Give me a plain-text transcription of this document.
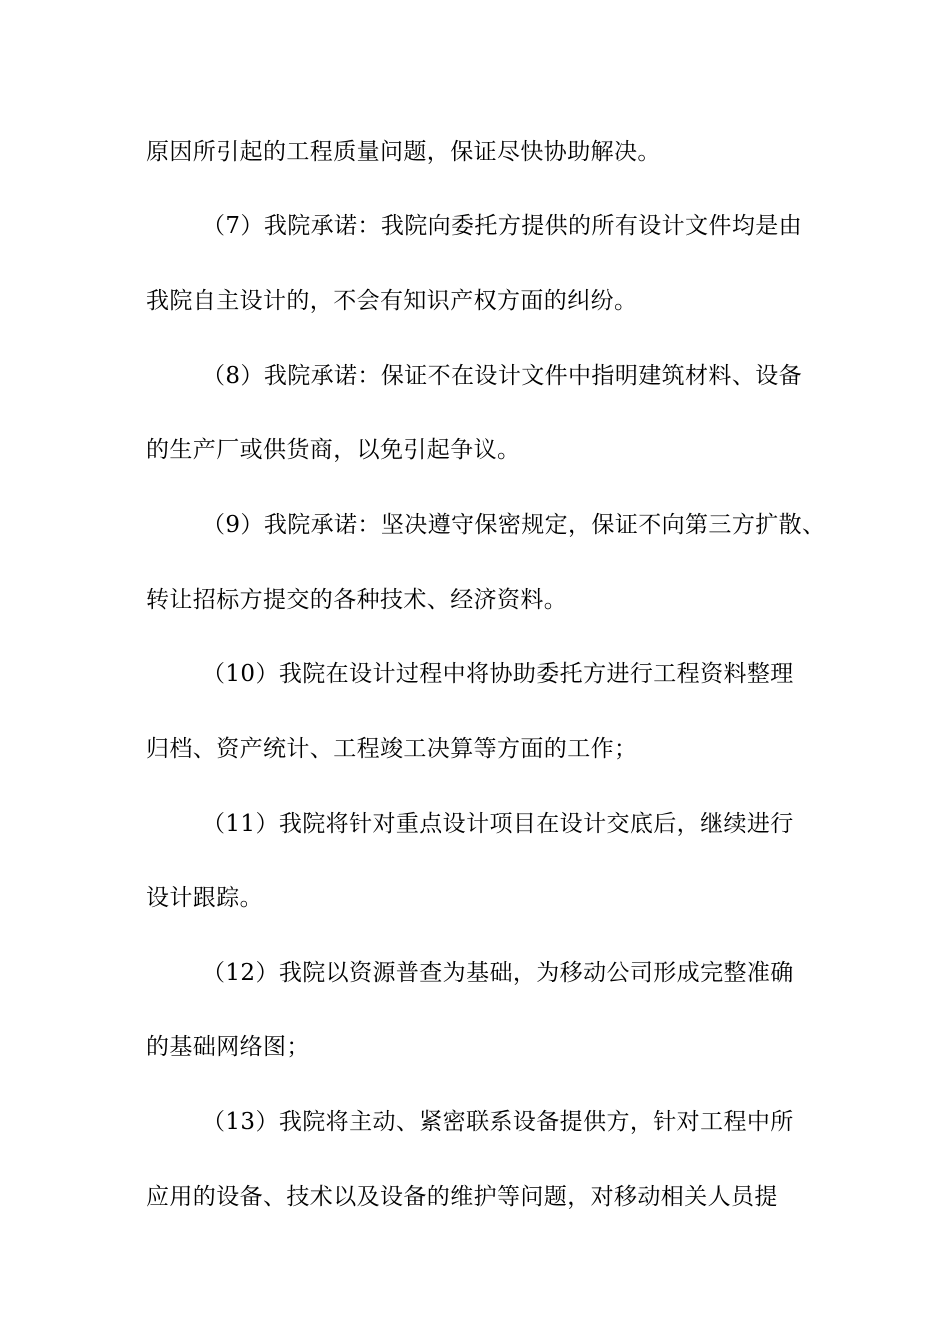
原因所引起的工程质量问题，保证尽快协助解决。
（7）我院承诺：我院向委托方提供的所有设计文件均是由
我院自主设计的，不会有知识产权方面的纠纷。
（8）我院承诺：保证不在设计文件中指明建筑材料、设备
的生产厂或供货商，以免引起争议。
（9）我院承诺：坚决遵守保密规定，保证不向第三方扩散、
转让招标方提交的各种技术、经济资料。
（10）我院在设计过程中将协助委托方进行工程资料整理
归档、资产统计、工程竣工决算等方面的工作；
（11）我院将针对重点设计项目在设计交底后，继续进行
设计跟踪。
（12）我院以资源普查为基础，为移动公司形成完整准确
的基础网络图；
（13）我院将主动、紧密联系设备提供方，针对工程中所
应用的设备、技术以及设备的维护等问题，对移动相关人员提
